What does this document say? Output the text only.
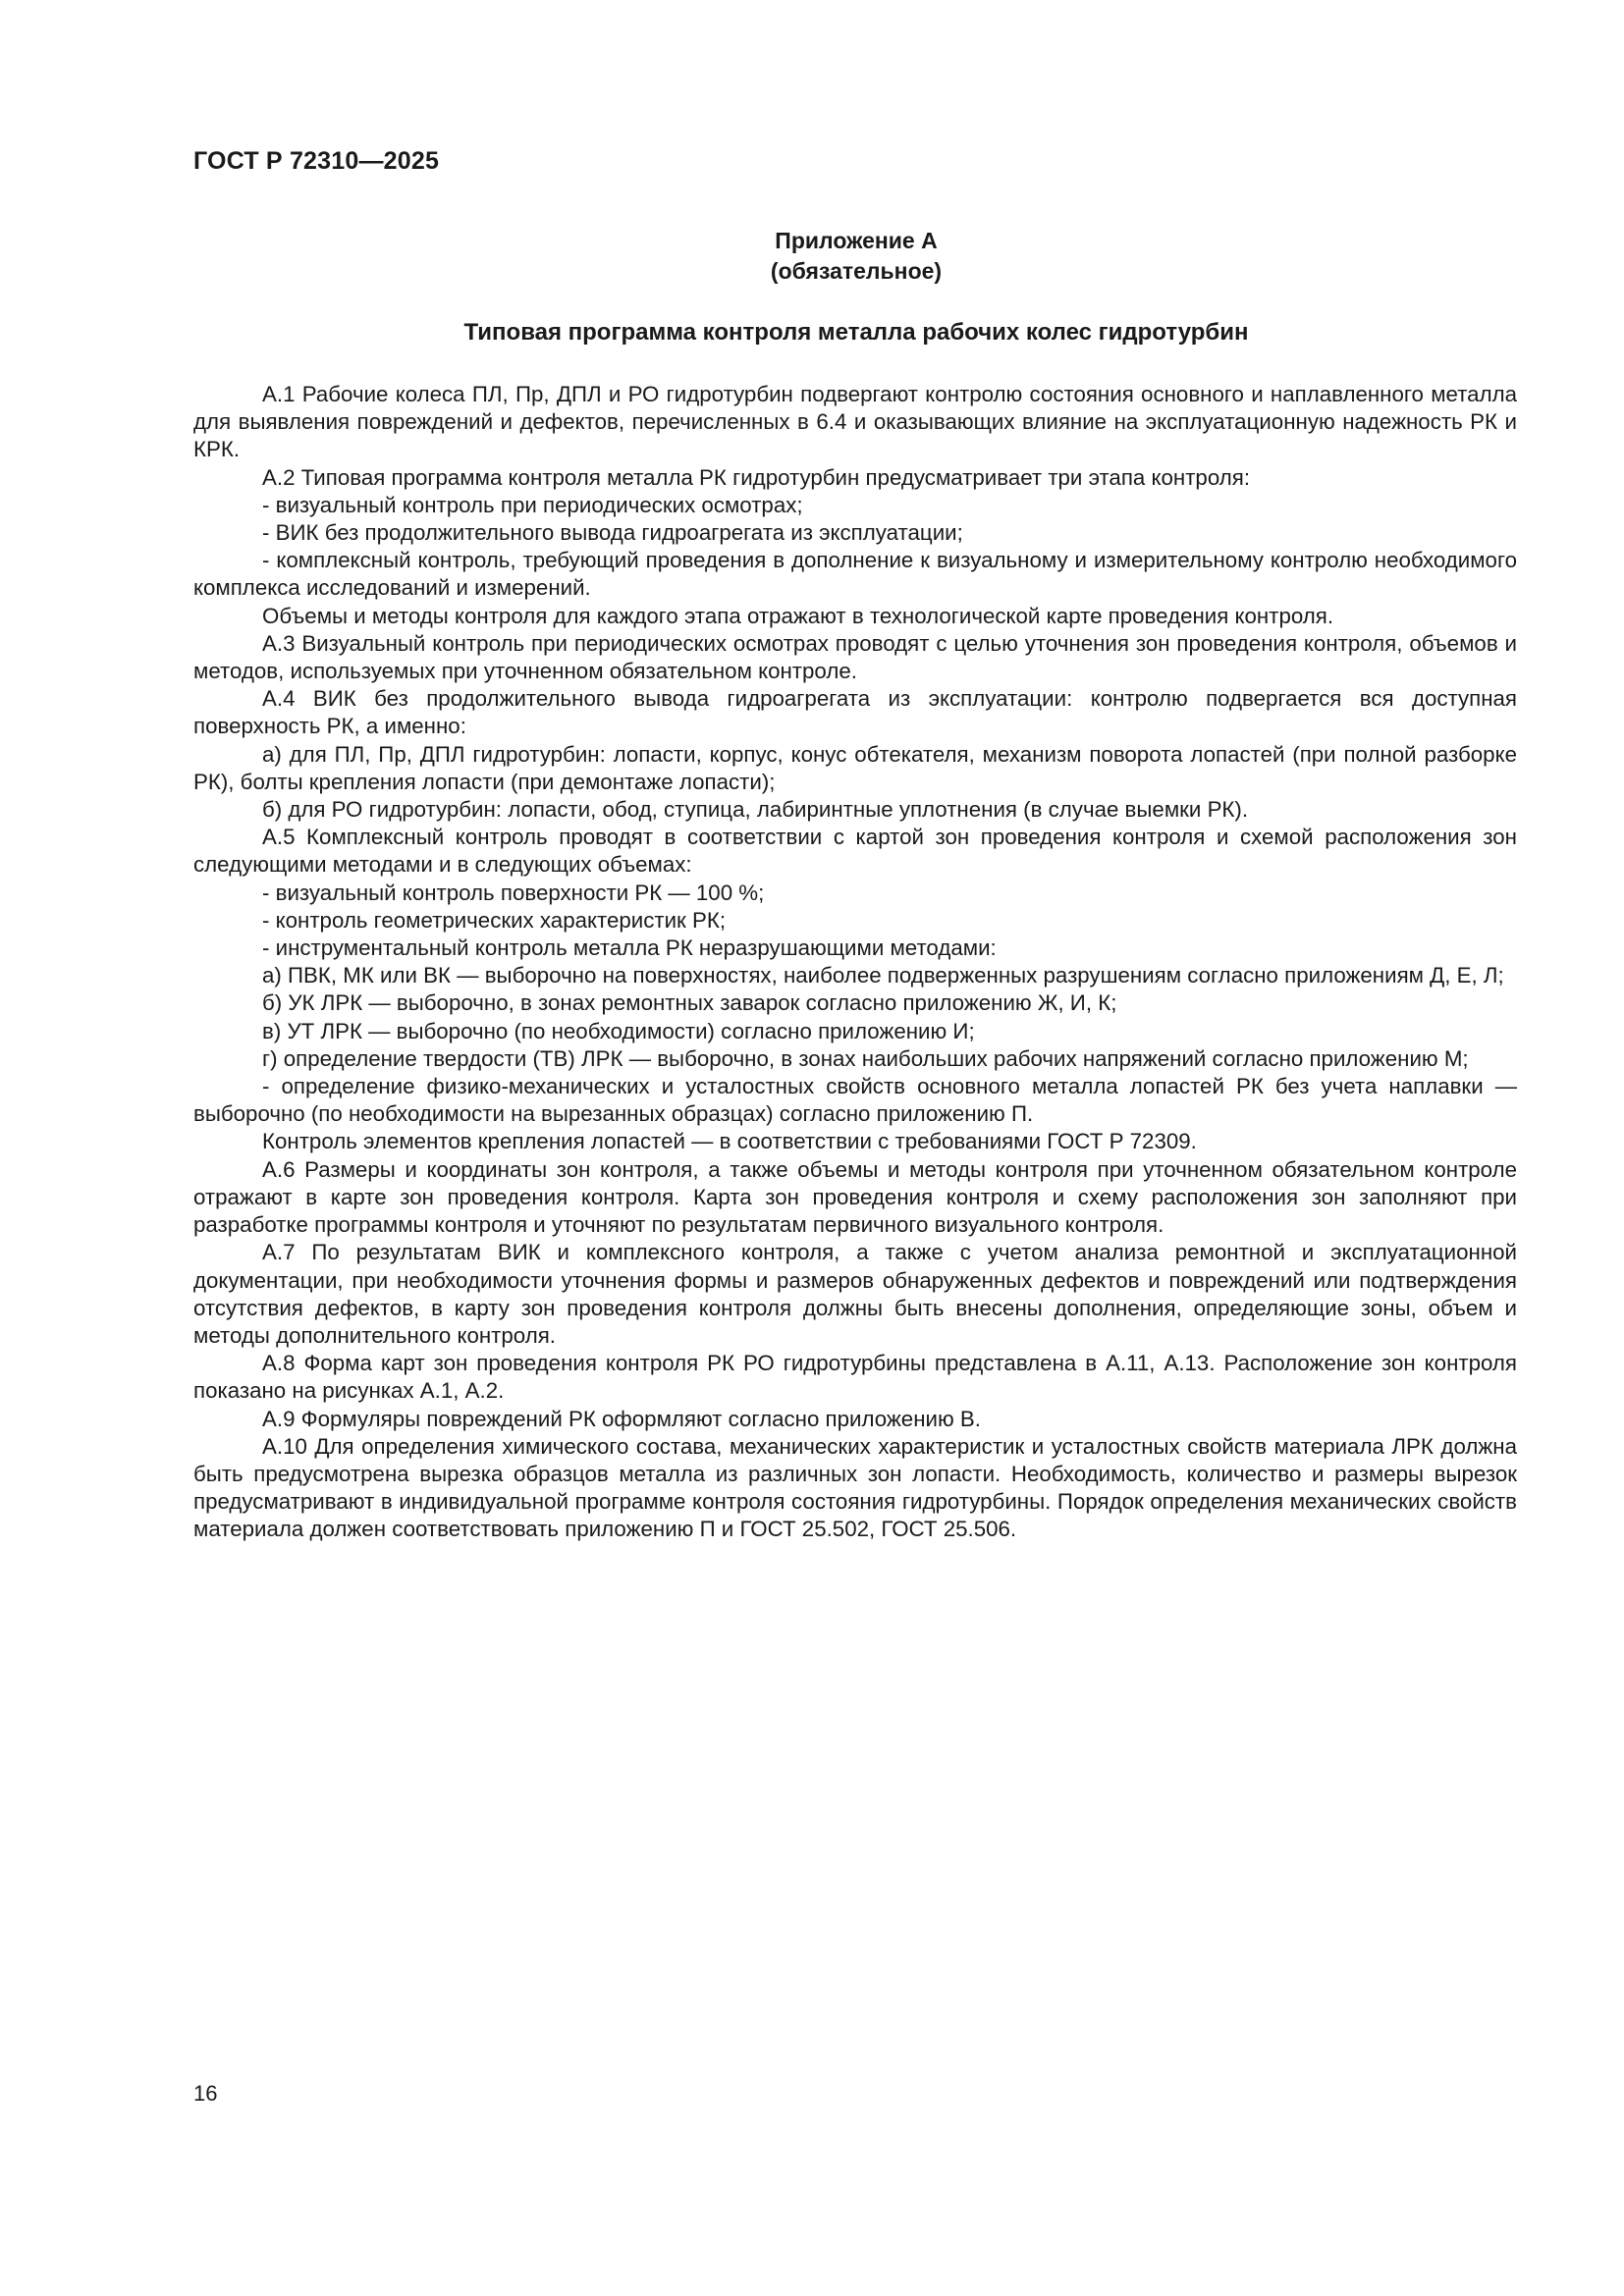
ГОСТ Р 72310—2025
Приложение А
(обязательное)
Типовая программа контроля металла рабочих колес гидротурбин

А.1 Рабочие колеса ПЛ, Пр, ДПЛ и РО гидротурбин подвергают контролю состояния основного и наплавленного металла для выявления повреждений и дефектов, перечисленных в 6.4 и оказывающих влияние на эксплуатационную надежность РК и КРК.

А.2 Типовая программа контроля металла РК гидротурбин предусматривает три этапа контроля:

- визуальный контроль при периодических осмотрах;

- ВИК без продолжительного вывода гидроагрегата из эксплуатации;

- комплексный контроль, требующий проведения в дополнение к визуальному и измерительному контролю необходимого комплекса исследований и измерений.

Объемы и методы контроля для каждого этапа отражают в технологической карте проведения контроля.

А.3 Визуальный контроль при периодических осмотрах проводят с целью уточнения зон проведения контроля, объемов и методов, используемых при уточненном обязательном контроле.

А.4 ВИК без продолжительного вывода гидроагрегата из эксплуатации: контролю подвергается вся доступная поверхность РК, а именно:

а) для ПЛ, Пр, ДПЛ гидротурбин: лопасти, корпус, конус обтекателя, механизм поворота лопастей (при полной разборке РК), болты крепления лопасти (при демонтаже лопасти);

б) для РО гидротурбин: лопасти, обод, ступица, лабиринтные уплотнения (в случае выемки РК).

А.5 Комплексный контроль проводят в соответствии с картой зон проведения контроля и схемой расположения зон следующими методами и в следующих объемах:

- визуальный контроль поверхности РК — 100 %;

- контроль геометрических характеристик РК;

- инструментальный контроль металла РК неразрушающими методами:

а) ПВК, МК или ВК — выборочно на поверхностях, наиболее подверженных разрушениям согласно приложениям Д, Е, Л;

б) УК ЛРК — выборочно, в зонах ремонтных заварок согласно приложению Ж, И, К;

в) УТ ЛРК — выборочно (по необходимости) согласно приложению И;

г) определение твердости (ТВ) ЛРК — выборочно, в зонах наибольших рабочих напряжений согласно приложению М;

- определение физико-механических и усталостных свойств основного металла лопастей РК без учета наплавки — выборочно (по необходимости на вырезанных образцах) согласно приложению П.

Контроль элементов крепления лопастей — в соответствии с требованиями ГОСТ Р 72309.

А.6 Размеры и координаты зон контроля, а также объемы и методы контроля при уточненном обязательном контроле отражают в карте зон проведения контроля. Карта зон проведения контроля и схему расположения зон заполняют при разработке программы контроля и уточняют по результатам первичного визуального контроля.

А.7 По результатам ВИК и комплексного контроля, а также с учетом анализа ремонтной и эксплуатационной документации, при необходимости уточнения формы и размеров обнаруженных дефектов и повреждений или подтверждения отсутствия дефектов, в карту зон проведения контроля должны быть внесены дополнения, определяющие зоны, объем и методы дополнительного контроля.

А.8 Форма карт зон проведения контроля РК РО гидротурбины представлена в А.11, А.13. Расположение зон контроля показано на рисунках А.1, А.2.

А.9 Формуляры повреждений РК оформляют согласно приложению В.

А.10 Для определения химического состава, механических характеристик и усталостных свойств материала ЛРК должна быть предусмотрена вырезка образцов металла из различных зон лопасти. Необходимость, количество и размеры вырезок предусматривают в индивидуальной программе контроля состояния гидротурбины. Порядок определения механических свойств материала должен соответствовать приложению П и ГОСТ 25.502, ГОСТ 25.506.

16
